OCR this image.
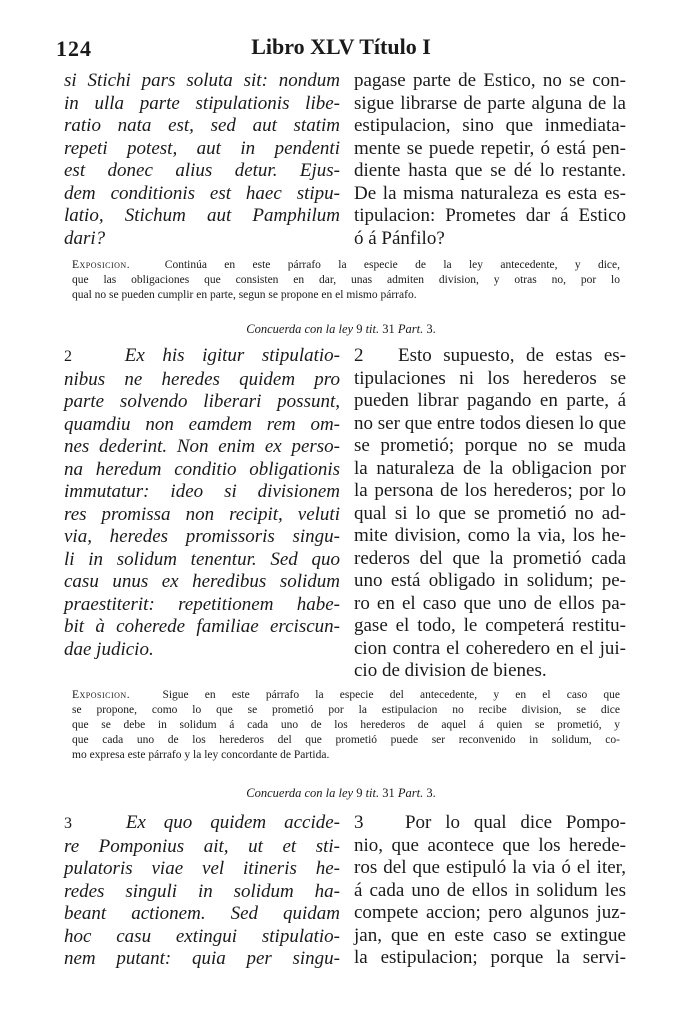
124	Libro XLV Título I
si Stichi pars soluta sit: nondum
in ulla parte stipulationis libe-
ratio nata est, sed aut statim
repeti potest, aut in pendenti
est donec alius detur. Ejus-
dem conditionis est haec stipu-
latio, Stichum aut Pamphilum
dari?
pagase parte de Estico, no se con-
sigue librarse de parte alguna de la
estipulacion, sino que inmediata-
mente se puede repetir, ó está pen-
diente hasta que se dé lo restante.
De la misma naturaleza es esta es-
tipulacion: Prometes dar á Estico
ó á Pánfilo?
Exposicion.	Continúa en este párrafo la especie de la ley antecedente, y dice,
que las obligaciones que consisten en dar, unas admiten division, y otras no, por lo
qual no se pueden cumplir en parte, segun se propone en el mismo párrafo.
Concuerda con la ley 9 tit. 31 Part. 3.
2	Ex his igitur stipulatio-
nibus ne heredes quidem pro
parte solvendo liberari possunt,
quamdiu non eamdem rem om-
nes dederint. Non enim ex perso-
na heredum conditio obligationis
immutatur: ideo si divisionem
res promissa non recipit, veluti
via, heredes promissoris singu-
li in solidum tenentur. Sed quo
casu unus ex heredibus solidum
praestiterit: repetitionem habe-
bit à coherede familiae erciscun-
dae judicio.
2 Esto supuesto, de estas es-
tipulaciones ni los herederos se
pueden librar pagando en parte, á
no ser que entre todos diesen lo que
se prometió; porque no se muda
la naturaleza de la obligacion por
la persona de los herederos; por lo
qual si lo que se prometió no ad-
mite division, como la via, los he-
rederos del que la prometió cada
uno está obligado in solidum; pe-
ro en el caso que uno de ellos pa-
gase el todo, le competerá restitu-
cion contra el coheredero en el jui-
cio de division de bienes.
Exposicion.	Sigue en este párrafo la especie del antecedente, y en el caso que
se propone, como lo que se prometió por la estipulacion no recibe division, se dice
que se debe in solidum á cada uno de los herederos de aquel á quien se prometió, y
que cada uno de los herederos del que prometió puede ser reconvenido in solidum, co-
mo expresa este párrafo y la ley concordante de Partida.
Concuerda con la ley 9 tit. 31 Part. 3.
3	Ex quo quidem accide-
re Pomponius ait, ut et sti-
pulatoris viae vel itineris he-
redes singuli in solidum ha-
beant actionem. Sed quidam
hoc casu extingui stipulatio-
nem putant: quia per singu-
3 Por lo qual dice Pompo-
nio, que acontece que los herede-
ros del que estipuló la via ó el iter,
á cada uno de ellos in solidum les
compete accion; pero algunos juz-
jan, que en este caso se extingue
la estipulacion; porque la servi-
